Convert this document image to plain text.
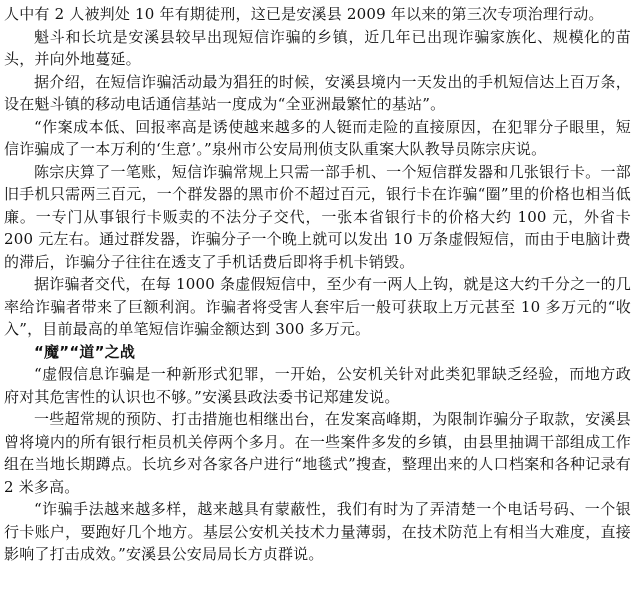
人中有 2 人被判处 10 年有期徒刑，这已是安溪县 2009 年以来的第三次专项治理行动。

魁斗和长坑是安溪县较早出现短信诈骗的乡镇，近几年已出现诈骗家族化、规模化的苗头，并向外地蔓延。

据介绍，在短信诈骗活动最为猖狂的时候，安溪县境内一天发出的手机短信达上百万条，设在魁斗镇的移动电话通信基站一度成为“全亚洲最繁忙的基站”。

“作案成本低、回报率高是诱使越来越多的人铤而走险的直接原因，在犯罪分子眼里，短信诈骗成了一本万利的‘生意’。”泉州市公安局刑侦支队重案大队教导员陈宗庆说。

陈宗庆算了一笔账，短信诈骗常规上只需一部手机、一个短信群发器和几张银行卡。一部旧手机只需两三百元，一个群发器的黑市价不超过百元，银行卡在诈骗“圈”里的价格也相当低廉。一专门从事银行卡贩卖的不法分子交代，一张本省银行卡的价格大约 100 元，外省卡 200 元左右。通过群发器，诈骗分子一个晚上就可以发出 10 万条虚假短信，而由于电脑计费的滞后，诈骗分子往往在透支了手机话费后即将手机卡销毁。

据诈骗者交代，在每 1000 条虚假短信中，至少有一两人上钩，就是这大约千分之一的几率给诈骗者带来了巨额利润。诈骗者将受害人套牢后一般可获取上万元甚至 10 多万元的“收入”，目前最高的单笔短信诈骗金额达到 300 多万元。

“魔”“道”之战

“虚假信息诈骗是一种新形式犯罪，一开始，公安机关针对此类犯罪缺乏经验，而地方政府对其危害性的认识也不够。”安溪县政法委书记郑建发说。

一些超常规的预防、打击措施也相继出台，在发案高峰期，为限制诈骗分子取款，安溪县曾将境内的所有银行柜员机关停两个多月。在一些案件多发的乡镇，由县里抽调干部组成工作组在当地长期蹲点。长坑乡对各家各户进行“地毯式”搜查，整理出来的人口档案和各种记录有 2 米多高。

“诈骗手法越来越多样，越来越具有蒙蔽性，我们有时为了弄清楚一个电话号码、一个银行卡账户，要跑好几个地方。基层公安机关技术力量薄弱，在技术防范上有相当大难度，直接影响了打击成效。”安溪县公安局局长方贞群说。
